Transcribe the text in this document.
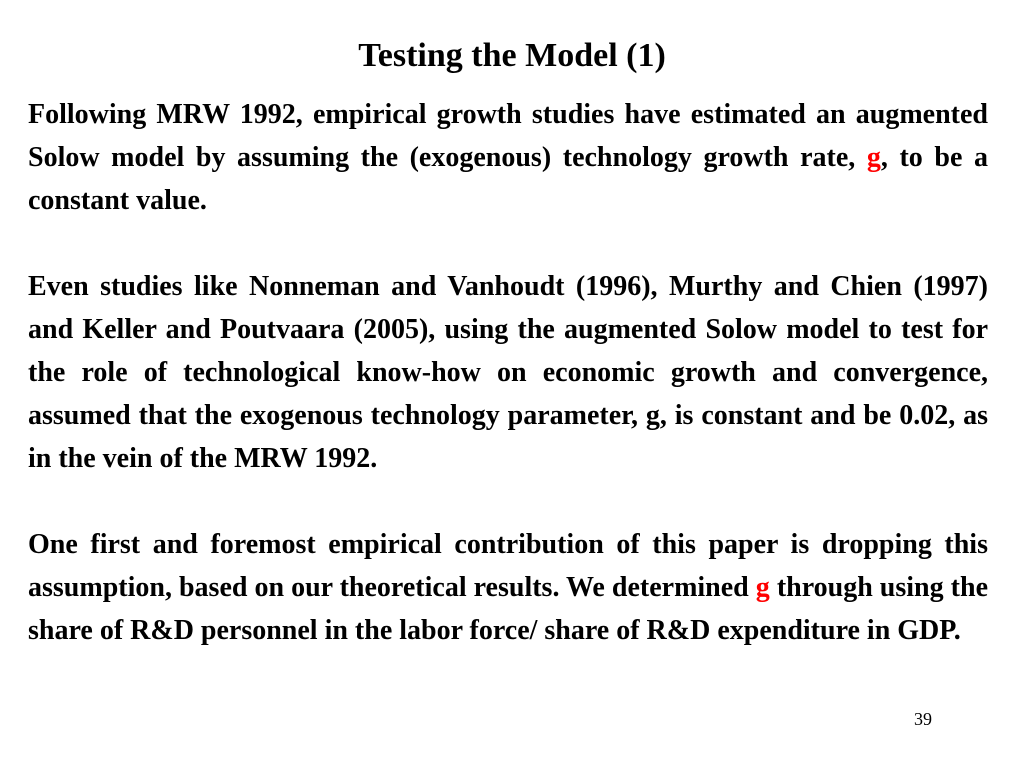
Testing the Model (1)

Following MRW 1992, empirical growth studies have estimated an augmented Solow model by assuming the (exogenous) technology growth rate, g, to be a constant value.

Even studies like Nonneman and Vanhoudt (1996), Murthy and Chien (1997) and Keller and Poutvaara (2005), using the augmented Solow model to test for the role of technological know-how on economic growth and convergence, assumed that the exogenous technology parameter, g, is constant and be 0.02, as in the vein of the MRW 1992.

One first and foremost empirical contribution of this paper is dropping this assumption, based on our theoretical results. We determined g through using the share of R&D personnel in the labor force/ share of R&D expenditure in GDP.

39
